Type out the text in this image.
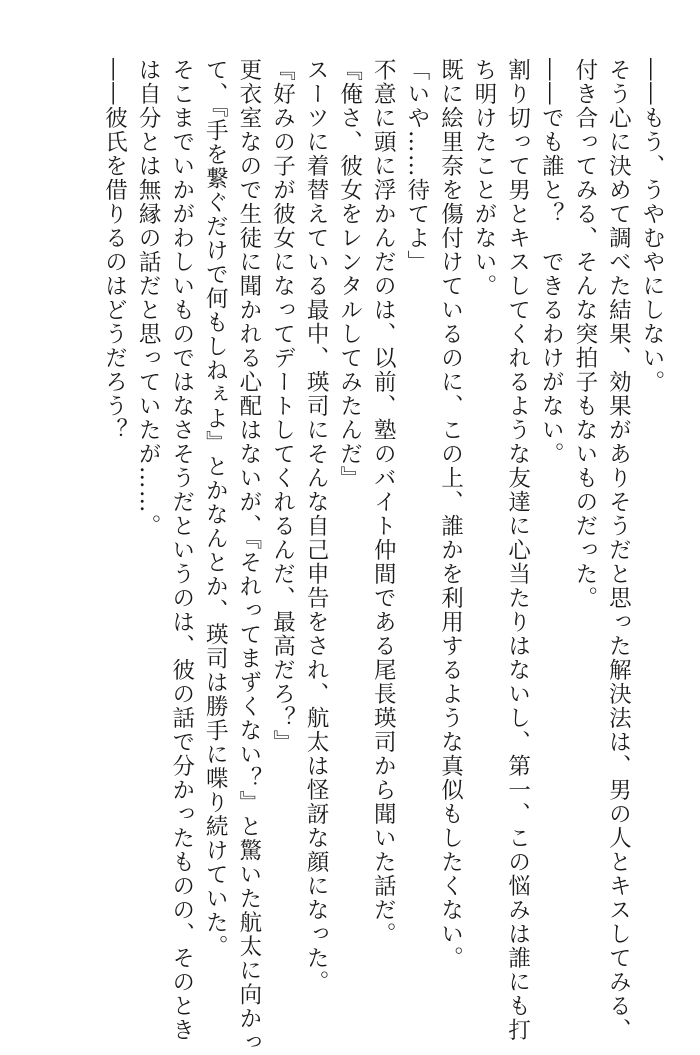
――もう、うやむやにしない。

そう心に決めて調べた結果、効果がありそうだと思った解決法は、男の人とキスしてみる、

付き合ってみる、そんな突拍子もないものだった。

――でも誰と？　できるわけがない。

割り切って男とキスしてくれるような友達に心当たりはないし、第一、この悩みは誰にも打

ち明けたことがない。

既に絵里奈を傷付けているのに、この上、誰かを利用するような真似もしたくない。

「いや……待てよ」

不意に頭に浮かんだのは、以前、塾のバイト仲間である尾長瑛司から聞いた話だ。

『俺さ、彼女をレンタルしてみたんだ』

スーツに着替えている最中、瑛司にそんな自己申告をされ、航太は怪訝な顔になった。

『好みの子が彼女になってデートしてくれるんだ、最高だろ？』

更衣室なので生徒に聞かれる心配はないが、『それってまずくない？』と驚いた航太に向かっ

て、『手を繋ぐだけで何もしねぇよ』とかなんとか、瑛司は勝手に喋り続けていた。

そこまでいかがわしいものではなさそうだというのは、彼の話で分かったものの、そのとき

は自分とは無縁の話だと思っていたが……。

――彼氏を借りるのはどうだろう？
